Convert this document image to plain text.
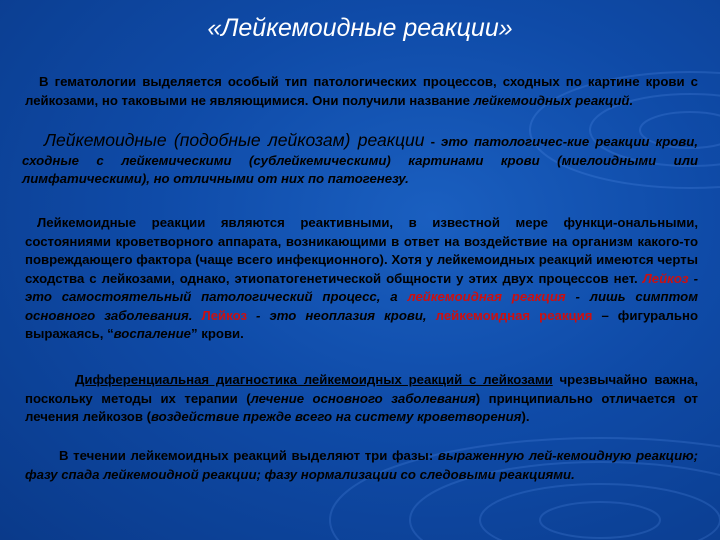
«Лейкемоидные реакции»

В гематологии выделяется особый тип патологических процессов, сходных по картине крови с лейкозами, но таковыми не являющимися. Они получили название лейкемоидных реакций.

Лейкемоидные (подобные лейкозам) реакции - это патологичес-кие реакции крови, сходные с лейкемическими (сублейкемическими) картинами крови (миелоидными или лимфатическими), но отличными от них по патогенезу.

Лейкемоидные реакции являются реактивными, в известной мере функци-ональными, состояниями кроветворного аппарата, возникающими в ответ на воздействие на организм какого-то повреждающего фактора (чаще всего инфекционного). Хотя у лейкемоидных реакций имеются черты сходства с лейкозами, однако, этиопатогенетической общности у этих двух процессов нет. Лейкоз - это самостоятельный патологический процесс, а лейкемоидная реакция - лишь симптом основного заболевания. Лейкоз - это неоплазия крови, лейкемоидная реакция – фигурально выражаясь, “воспаление” крови.

Дифференциальная диагностика лейкемоидных реакций с лейкозами чрезвычайно важна, поскольку методы их терапии (лечение основного заболевания) принципиально отличается от лечения лейкозов (воздействие прежде всего на систему кроветворения).

В течении лейкемоидных реакций выделяют три фазы: выраженную лей-кемоидную реакцию; фазу спада лейкемоидной реакции; фазу нормализации со следовыми реакциями.
